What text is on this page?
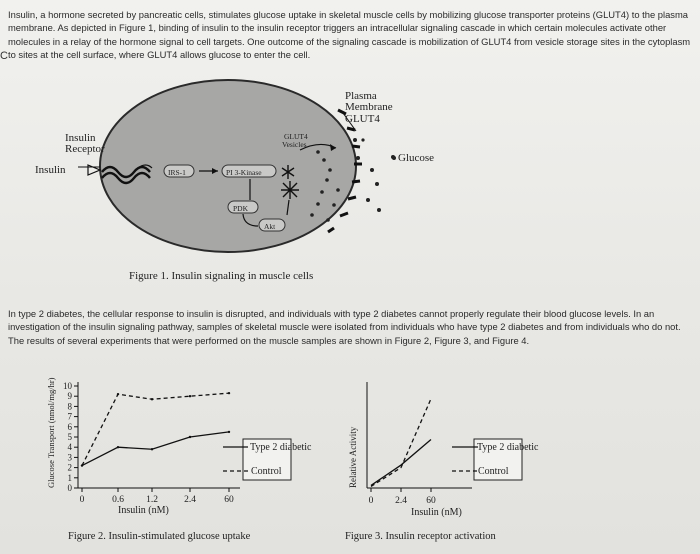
Insulin, a hormone secreted by pancreatic cells, stimulates glucose uptake in skeletal muscle cells by mobilizing glucose transporter proteins (GLUT4) to the plasma membrane. As depicted in Figure 1, binding of insulin to the insulin receptor triggers an intracellular signaling cascade in which certain molecules activate other molecules in a relay of the hormone signal to cell targets. One outcome of the signaling cascade is mobilization of GLUT4 from vesicle storage sites in the cytoplasm to sites at the cell surface, where GLUT4 allows glucose to enter the cell.

C
Plasma
Membrane
GLUT4
GLUT4
Vesicles
Glucose
Insulin
Receptor
Insulin	IRS-1	PI 3-Kinase
PDK
Akt
0
1
2
3
4
5
6
7
8
9
10
0	0.6 1.2	2.4	60
Insulin (nM)
Glucose Transport (nmol/mg/hr)	Type 2 diabetic
Control
0 2.4 60
Insulin (nM)
Relative Activity	Type 2 diabetic
Control
Figure 1. Insulin signaling in muscle cells

In type 2 diabetes, the cellular response to insulin is disrupted, and individuals with type 2 diabetes cannot properly regulate their blood glucose levels. In an investigation of the insulin signaling pathway, samples of skeletal muscle were isolated from individuals who have type 2 diabetes and from individuals who do not. The results of several experiments that were performed on the muscle samples are shown in Figure 2, Figure 3, and Figure 4.

Figure 2. Insulin-stimulated glucose uptake	Figure 3. Insulin receptor activation
